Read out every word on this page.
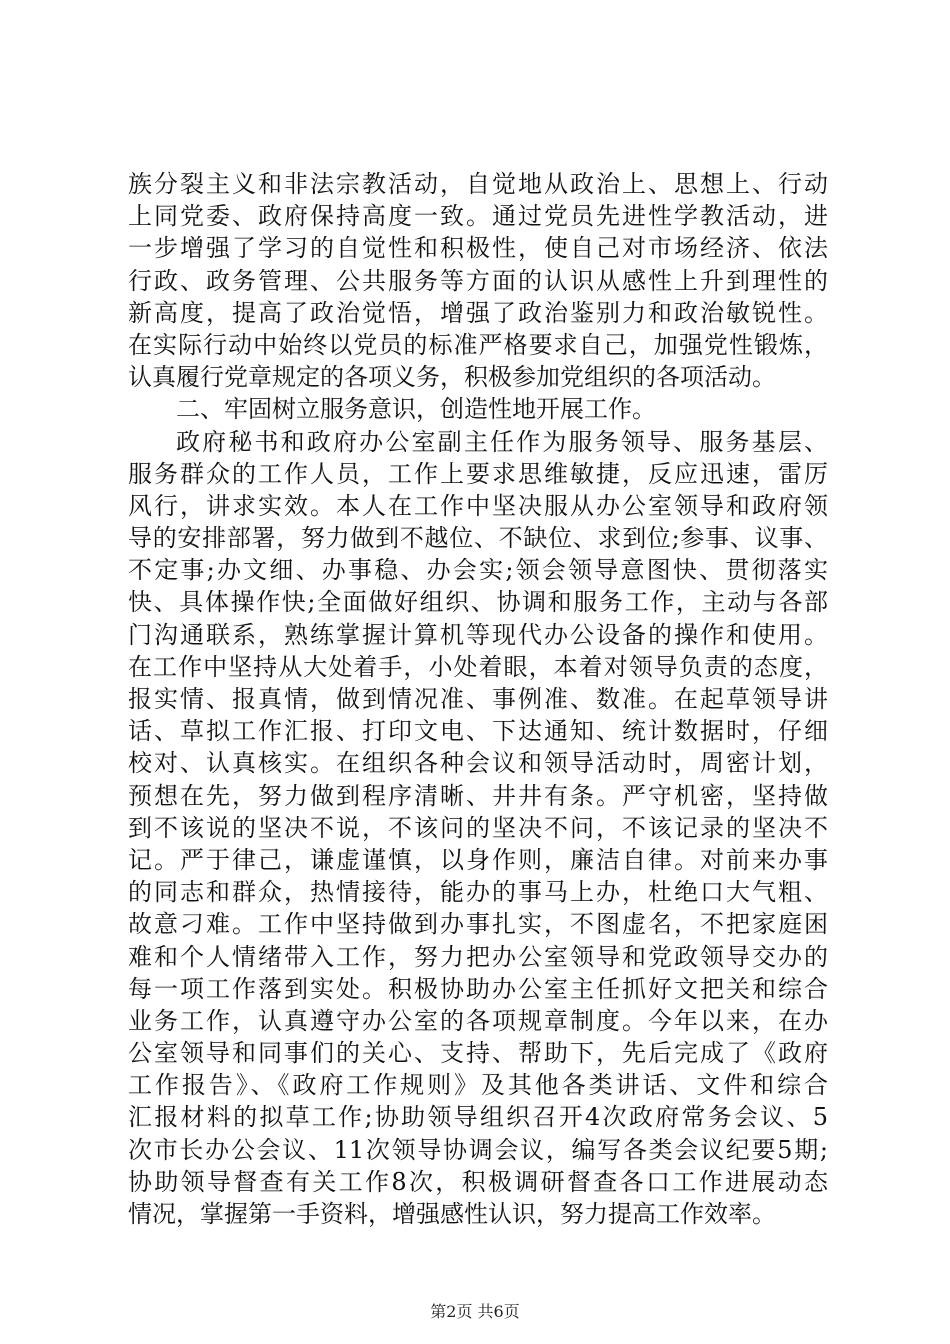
族分裂主义和非法宗教活动，自觉地从政治上、思想上、行动
上同党委、政府保持高度一致。通过党员先进性学教活动，进
一步增强了学习的自觉性和积极性，使自己对市场经济、依法
行政、政务管理、公共服务等方面的认识从感性上升到理性的
新高度，提高了政治觉悟，增强了政治鉴别力和政治敏锐性。
在实际行动中始终以党员的标准严格要求自己，加强党性锻炼，
认真履行党章规定的各项义务，积极参加党组织的各项活动。
二、牢固树立服务意识，创造性地开展工作。
政府秘书和政府办公室副主任作为服务领导、服务基层、
服务群众的工作人员，工作上要求思维敏捷，反应迅速，雷厉
风行，讲求实效。本人在工作中坚决服从办公室领导和政府领
导的安排部署，努力做到不越位、不缺位、求到位;参事、议事、
不定事;办文细、办事稳、办会实;领会领导意图快、贯彻落实
快、具体操作快;全面做好组织、协调和服务工作，主动与各部
门沟通联系，熟练掌握计算机等现代办公设备的操作和使用。
在工作中坚持从大处着手，小处着眼，本着对领导负责的态度，
报实情、报真情，做到情况准、事例准、数准。在起草领导讲
话、草拟工作汇报、打印文电、下达通知、统计数据时，仔细
校对、认真核实。在组织各种会议和领导活动时，周密计划，
预想在先，努力做到程序清晰、井井有条。严守机密，坚持做
到不该说的坚决不说，不该问的坚决不问，不该记录的坚决不
记。严于律己，谦虚谨慎，以身作则，廉洁自律。对前来办事
的同志和群众，热情接待，能办的事马上办，杜绝口大气粗、
故意刁难。工作中坚持做到办事扎实，不图虚名，不把家庭困
难和个人情绪带入工作，努力把办公室领导和党政领导交办的
每一项工作落到实处。积极协助办公室主任抓好文把关和综合
业务工作，认真遵守办公室的各项规章制度。今年以来，在办
公室领导和同事们的关心、支持、帮助下，先后完成了《政府
工作报告》、《政府工作规则》及其他各类讲话、文件和综合
汇报材料的拟草工作;协助领导组织召开4次政府常务会议、5
次市长办公会议、11次领导协调会议，编写各类会议纪要5期;
协助领导督查有关工作8次，积极调研督查各口工作进展动态
情况，掌握第一手资料，增强感性认识，努力提高工作效率。
第2页 共6页
